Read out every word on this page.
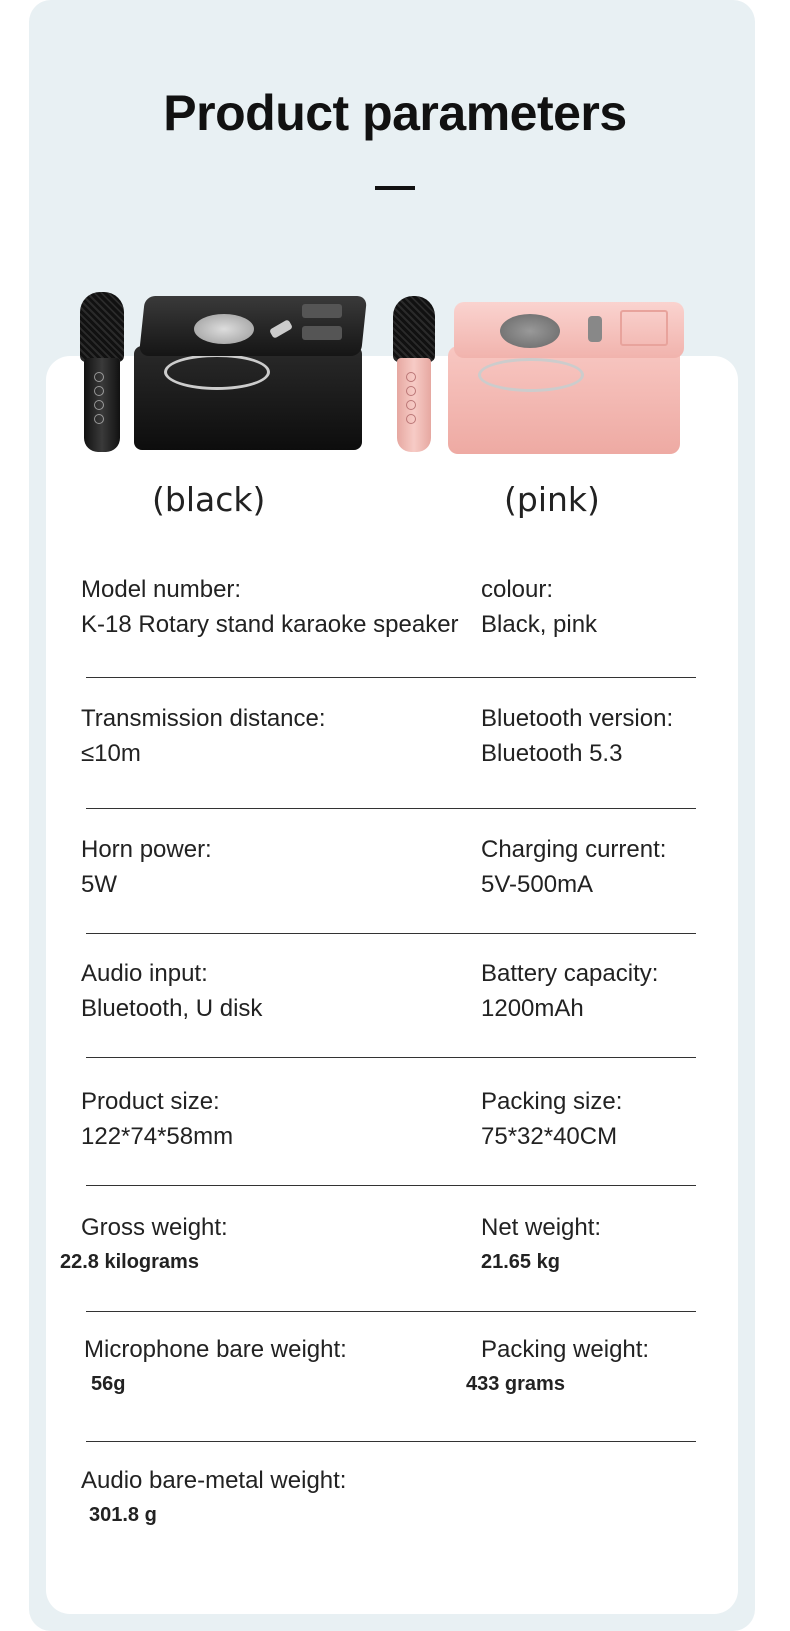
Product parameters
(black)	(pink)
Model number:
K-18 Rotary stand karaoke speaker
colour:
Black, pink
Transmission distance:
≤10m
Bluetooth version:
Bluetooth 5.3
Horn power:
5W
Charging current:
5V-500mA
Audio input:
Bluetooth, U disk
Battery capacity:
1200mAh
Product size:
122*74*58mm
Packing size:
75*32*40CM
Gross weight:
22.8 kilograms
Net weight:
21.65 kg
Microphone bare weight:
56g
Packing weight:
433 grams
Audio bare-metal weight:
301.8 g
